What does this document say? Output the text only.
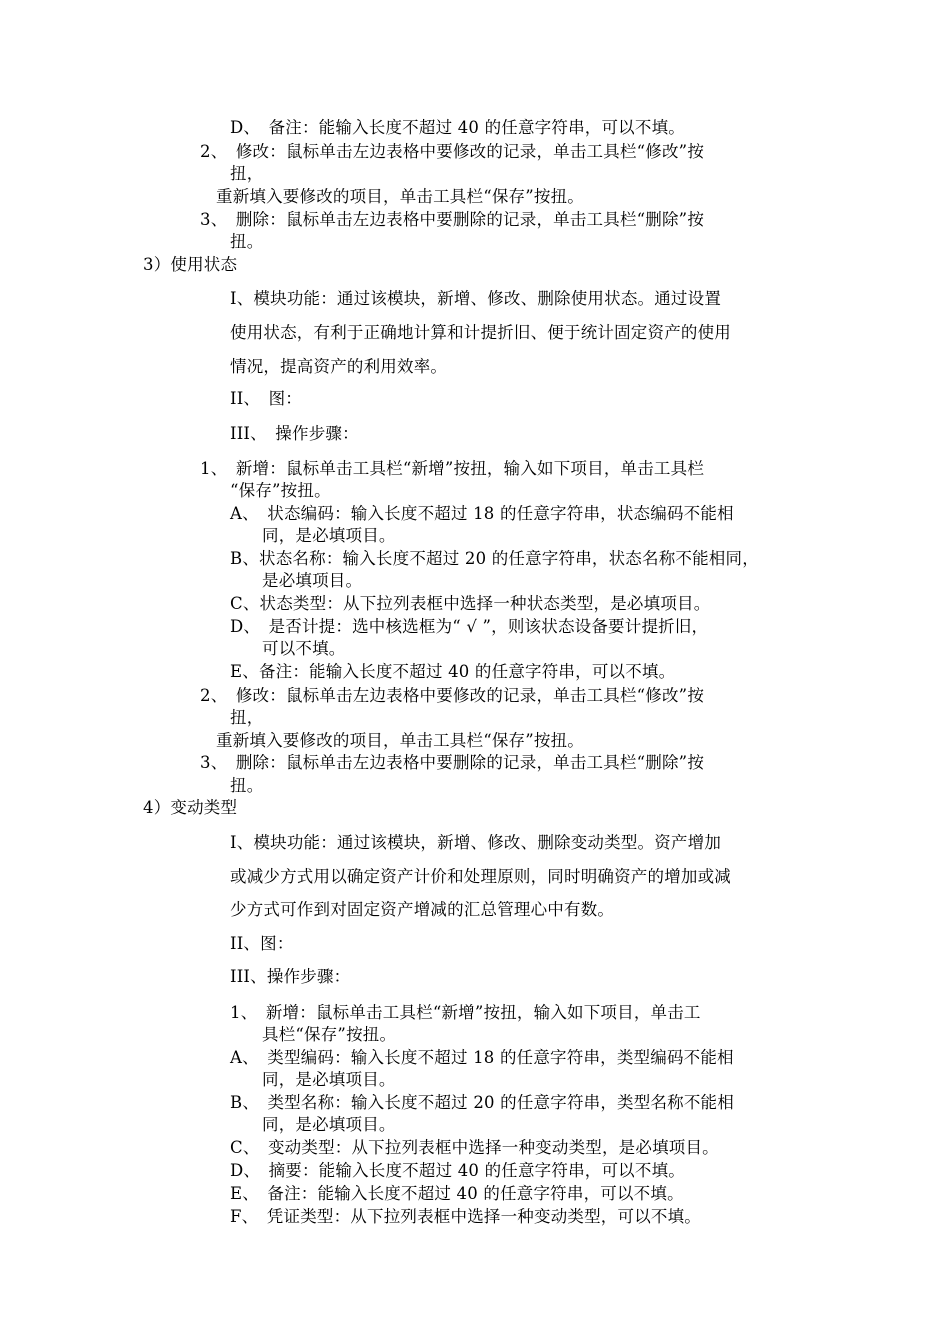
D、　备注：能输入长度不超过 40 的任意字符串，可以不填。
2、　修改：鼠标单击左边表格中要修改的记录，单击工具栏“修改”按
扭，
重新填入要修改的项目，单击工具栏“保存”按扭。
3、　删除：鼠标单击左边表格中要删除的记录，单击工具栏“删除”按
扭。
3）使用状态
I、模块功能：通过该模块，新增、修改、删除使用状态。通过设置
使用状态，有利于正确地计算和计提折旧、便于统计固定资产的使用
情况，提高资产的利用效率。
II、　图：
III、　操作步骤：
1、　新增：鼠标单击工具栏“新增”按扭，输入如下项目，单击工具栏
“保存”按扭。
A、　状态编码：输入长度不超过 18 的任意字符串，状态编码不能相
同，是必填项目。
B、状态名称：输入长度不超过 20 的任意字符串，状态名称不能相同，
是必填项目。
C、状态类型：从下拉列表框中选择一种状态类型，是必填项目。
D、　是否计提：选中核选框为“ √ ”，则该状态设备要计提折旧，
可以不填。
E、备注：能输入长度不超过 40 的任意字符串，可以不填。
2、　修改：鼠标单击左边表格中要修改的记录，单击工具栏“修改”按
扭，
重新填入要修改的项目，单击工具栏“保存”按扭。
3、　删除：鼠标单击左边表格中要删除的记录，单击工具栏“删除”按
扭。
4）变动类型
I、模块功能：通过该模块，新增、修改、删除变动类型。资产增加
或减少方式用以确定资产计价和处理原则，同时明确资产的增加或减
少方式可作到对固定资产增减的汇总管理心中有数。
II、图：
III、操作步骤：
1、　新增：鼠标单击工具栏“新增”按扭，输入如下项目，单击工
具栏“保存”按扭。
A、　类型编码：输入长度不超过 18 的任意字符串，类型编码不能相
同，是必填项目。
B、　类型名称：输入长度不超过 20 的任意字符串，类型名称不能相
同，是必填项目。
C、　变动类型：从下拉列表框中选择一种变动类型，是必填项目。
D、　摘要：能输入长度不超过 40 的任意字符串，可以不填。
E、　备注：能输入长度不超过 40 的任意字符串，可以不填。
F、　凭证类型：从下拉列表框中选择一种变动类型，可以不填。
